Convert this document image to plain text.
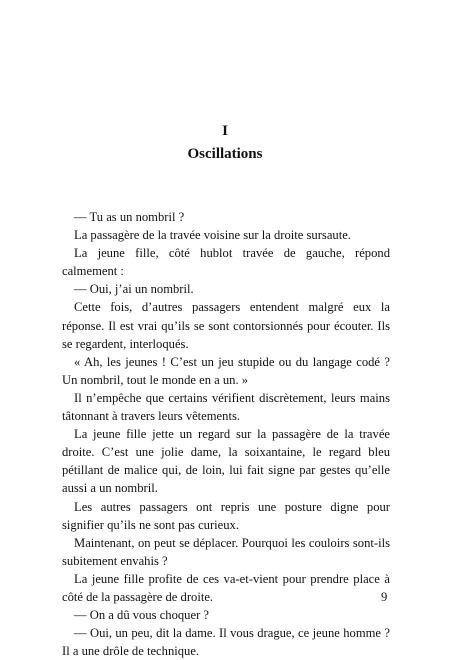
I
Oscillations

— Tu as un nombril ?

La passagère de la travée voisine sur la droite sursaute.

La jeune fille, côté hublot travée de gauche, répond calmement :

— Oui, j’ai un nombril.

Cette fois, d’autres passagers entendent malgré eux la réponse. Il est vrai qu’ils se sont contorsionnés pour écouter. Ils se regardent, interloqués.

« Ah, les jeunes ! C’est un jeu stupide ou du langage codé ? Un nombril, tout le monde en a un. »

Il n’empêche que certains vérifient discrètement, leurs mains tâtonnant à travers leurs vêtements.

La jeune fille jette un regard sur la passagère de la travée droite. C’est une jolie dame, la soixantaine, le regard bleu pétillant de malice qui, de loin, lui fait signe par gestes qu’elle aussi a un nombril.

Les autres passagers ont repris une posture digne pour signifier qu’ils ne sont pas curieux.

Maintenant, on peut se déplacer. Pourquoi les couloirs sont-ils subitement envahis ?

La jeune fille profite de ces va-et-vient pour prendre place à côté de la passagère de droite.

— On a dû vous choquer ?

— Oui, un peu, dit la dame. Il vous drague, ce jeune homme ? Il a une drôle de technique.

9
